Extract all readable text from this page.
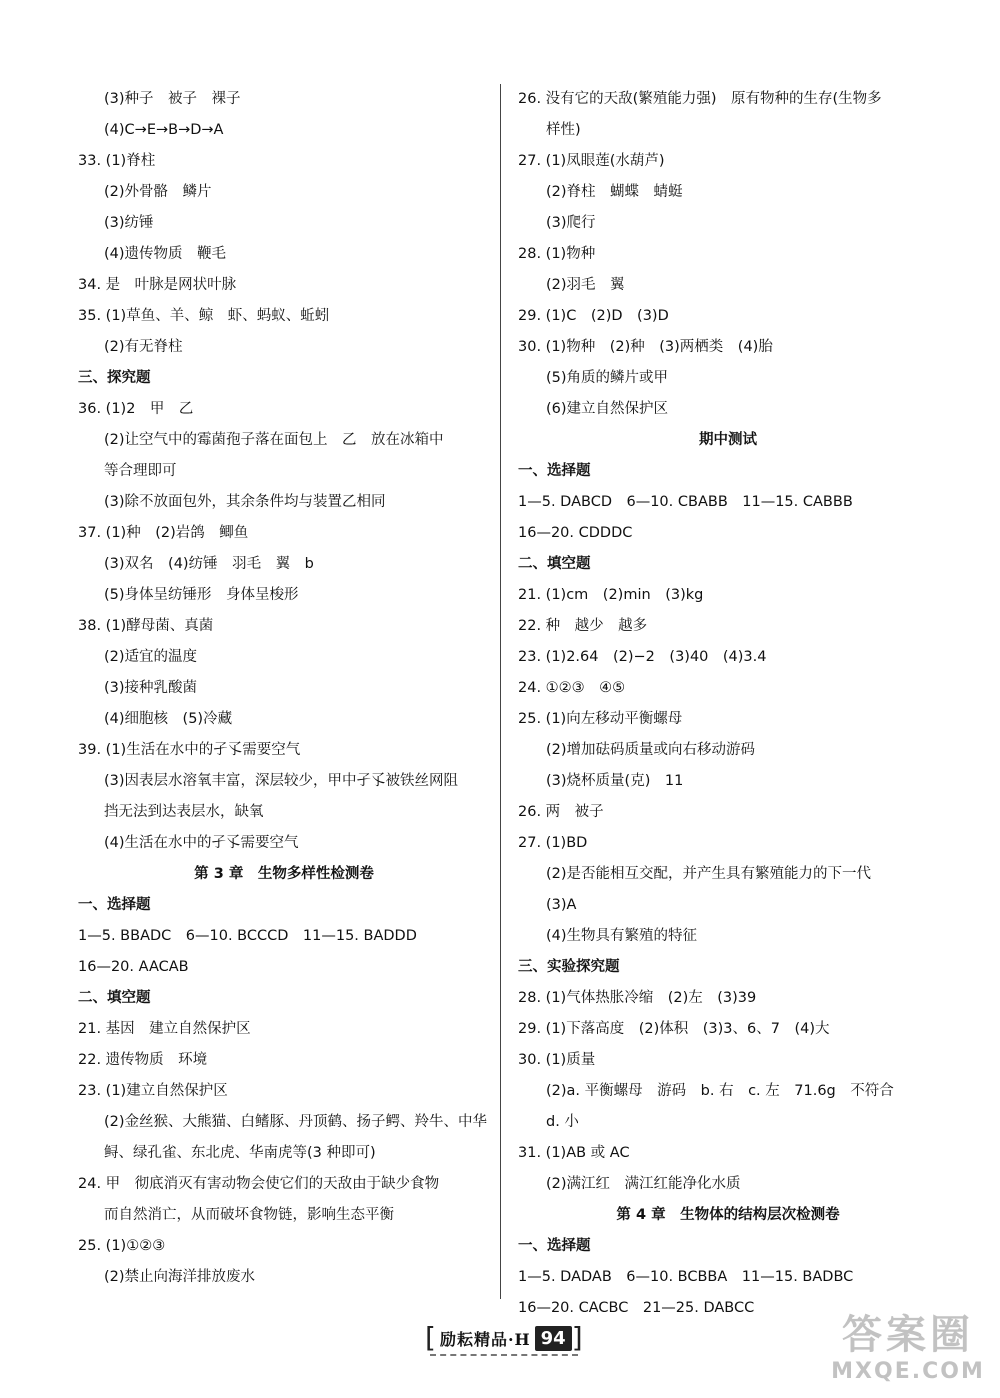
(3)种子　被子　裸子
(4)C→E→B→D→A
33. (1)脊柱
(2)外骨骼　鳞片
(3)纺锤
(4)遗传物质　鞭毛
34. 是　叶脉是网状叶脉
35. (1)草鱼、羊、鲸　虾、蚂蚁、蚯蚓
(2)有无脊柱
三、探究题
36. (1)2　甲　乙
(2)让空气中的霉菌孢子落在面包上　乙　放在冰箱中
等合理即可
(3)除不放面包外，其余条件均与装置乙相同
37. (1)种　(2)岩鸽　鲫鱼
(3)双名　(4)纺锤　羽毛　翼　b
(5)身体呈纺锤形　身体呈梭形
38. (1)酵母菌、真菌
(2)适宜的温度
(3)接种乳酸菌
(4)细胞核　(5)冷藏
39. (1)生活在水中的孑孓需要空气
(3)因表层水溶氧丰富，深层较少，甲中孑孓被铁丝网阻
挡无法到达表层水，缺氧
(4)生活在水中的孑孓需要空气
第 3 章　生物多样性检测卷
一、选择题
1—5. BBADC　6—10. BCCCD　11—15. BADDD
16—20. AACAB
二、填空题
21. 基因　建立自然保护区
22. 遗传物质　环境
23. (1)建立自然保护区
(2)金丝猴、大熊猫、白鳍豚、丹顶鹤、扬子鳄、羚牛、中华
鲟、绿孔雀、东北虎、华南虎等(3 种即可)
24. 甲　彻底消灭有害动物会使它们的天敌由于缺少食物
而自然消亡，从而破坏食物链，影响生态平衡
25. (1)①②③
(2)禁止向海洋排放废水
26. 没有它的天敌(繁殖能力强)　原有物种的生存(生物多
样性)
27. (1)凤眼莲(水葫芦)
(2)脊柱　蝴蝶　蜻蜓
(3)爬行
28. (1)物种
(2)羽毛　翼
29. (1)C　(2)D　(3)D
30. (1)物种　(2)种　(3)两栖类　(4)胎
(5)角质的鳞片或甲
(6)建立自然保护区
期中测试
一、选择题
1—5. DABCD　6—10. CBABB　11—15. CABBB
16—20. CDDDC
二、填空题
21. (1)cm　(2)min　(3)kg
22. 种　越少　越多
23. (1)2.64　(2)−2　(3)40　(4)3.4
24. ①②③　④⑤
25. (1)向左移动平衡螺母
(2)增加砝码质量或向右移动游码
(3)烧杯质量(克)　11
26. 两　被子
27. (1)BD
(2)是否能相互交配，并产生具有繁殖能力的下一代
(3)A
(4)生物具有繁殖的特征
三、实验探究题
28. (1)气体热胀冷缩　(2)左　(3)39
29. (1)下落高度　(2)体积　(3)3、6、7　(4)大
30. (1)质量
(2)a. 平衡螺母　游码　b. 右　c. 左　71.6g　不符合
d. 小
31. (1)AB 或 AC
(2)满江红　满江红能净化水质
第 4 章　生物体的结构层次检测卷
一、选择题
1—5. DADAB　6—10. BCBBA　11—15. BADBC
16—20. CACBC　21—25. DABCC
[ 励耘精品·H 94 ]	答案圈
MXQE.COM
